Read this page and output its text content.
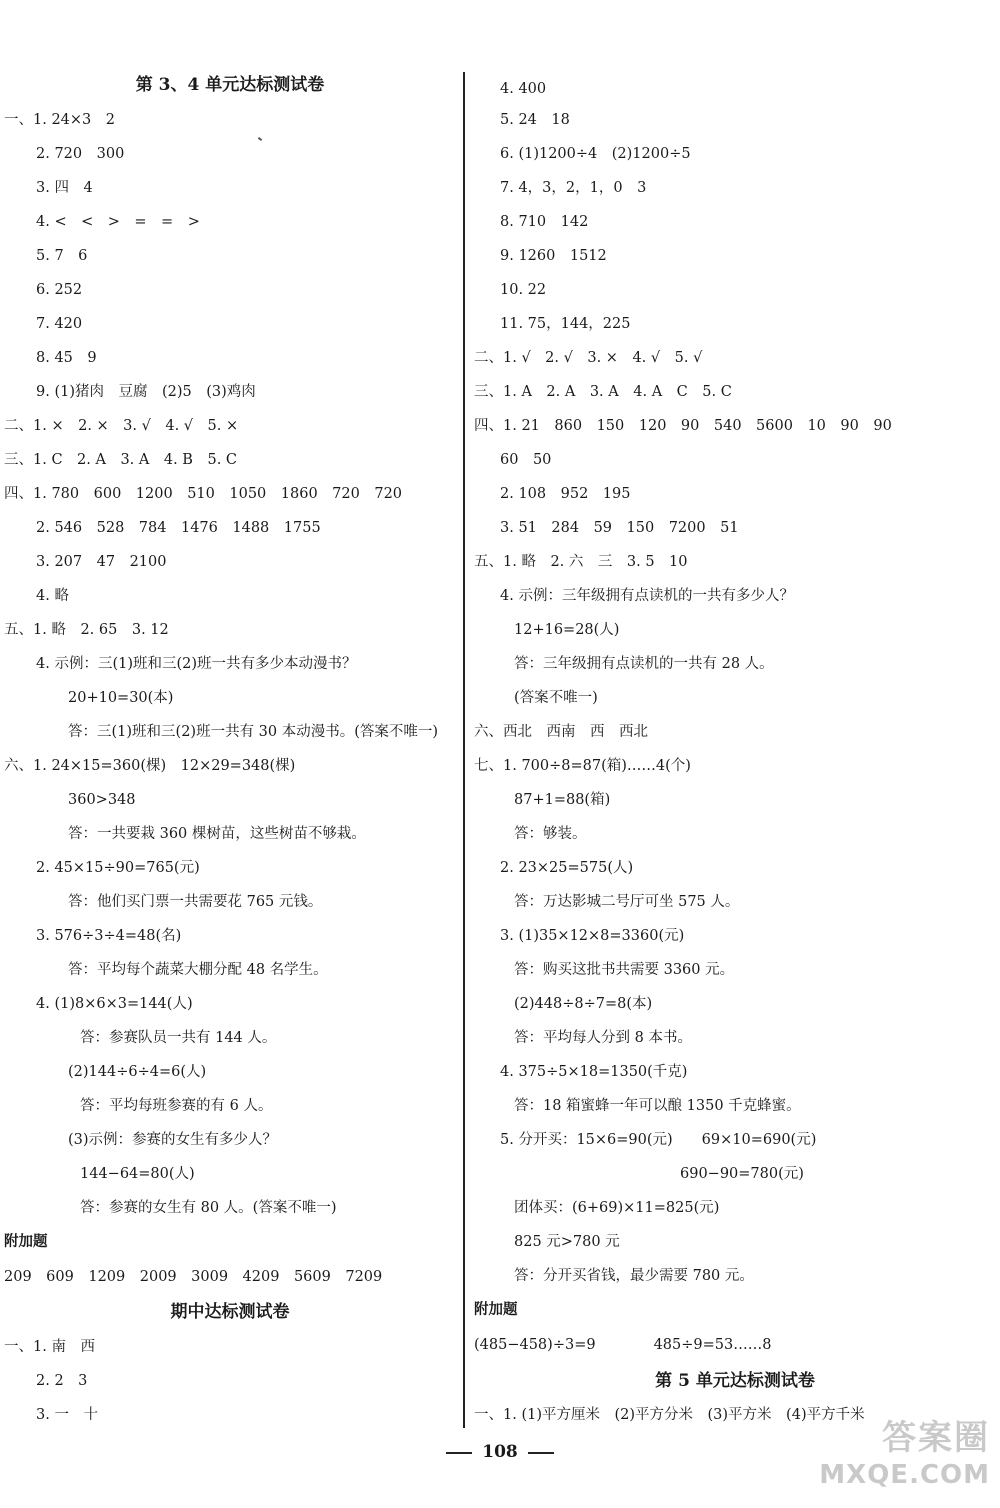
第 3、4 单元达标测试卷
一、1. 24×3　2
2. 720　300
3. 四　4
4. <　<　>　=　=　>
5. 7　6
6. 252
7. 420
8. 45　9
9. (1)猪肉　豆腐　(2)5　(3)鸡肉
二、1. ×　2. ×　3. √　4. √　5. ×
三、1. C　2. A　3. A　4. B　5. C
四、1. 780　600　1200　510　1050　1860　720　720
2. 546　528　784　1476　1488　1755
3. 207　47　2100
4. 略
五、1. 略　2. 65　3. 12
4. 示例：三(1)班和三(2)班一共有多少本动漫书？
20+10=30(本)
答：三(1)班和三(2)班一共有 30 本动漫书。(答案不唯一)
六、1. 24×15=360(棵)　12×29=348(棵)
360>348
答：一共要栽 360 棵树苗，这些树苗不够栽。
2. 45×15÷90=765(元)
答：他们买门票一共需要花 765 元钱。
3. 576÷3÷4=48(名)
答：平均每个蔬菜大棚分配 48 名学生。
4. (1)8×6×3=144(人)
答：参赛队员一共有 144 人。
(2)144÷6÷4=6(人)
答：平均每班参赛的有 6 人。
(3)示例：参赛的女生有多少人？
144−64=80(人)
答：参赛的女生有 80 人。(答案不唯一)
附加题
209　609　1209　2009　3009　4209　5609　7209
期中达标测试卷
一、1. 南　西
2. 2　3
3. 一　十
4. 400
5. 24　18
6. (1)1200÷4　(2)1200÷5
7. 4，3，2，1，0　3
8. 710　142
9. 1260　1512
10. 22
11. 75，144，225
二、1. √　2. √　3. ×　4. √　5. √
三、1. A　2. A　3. A　4. A　C　5. C
四、1. 21　860　150　120　90　540　5600　10　90　90
60　50
2. 108　952　195
3. 51　284　59　150　7200　51
五、1. 略　2. 六　三　3. 5　10
4. 示例：三年级拥有点读机的一共有多少人？
12+16=28(人)
答：三年级拥有点读机的一共有 28 人。
(答案不唯一)
六、西北　西南　西　西北
七、1. 700÷8=87(箱)……4(个)
87+1=88(箱)
答：够装。
2. 23×25=575(人)
答：万达影城二号厅可坐 575 人。
3. (1)35×12×8=3360(元)
答：购买这批书共需要 3360 元。
(2)448÷8÷7=8(本)
答：平均每人分到 8 本书。
4. 375÷5×18=1350(千克)
答：18 箱蜜蜂一年可以酿 1350 千克蜂蜜。
5. 分开买：15×6=90(元)　　69×10=690(元)
690−90=780(元)
团体买：(6+69)×11=825(元)
825 元>780 元
答：分开买省钱，最少需要 780 元。
附加题
(485−458)÷3=9　　　　485÷9=53……8
第 5 单元达标测试卷
一、1. (1)平方厘米　(2)平方分米　(3)平方米　(4)平方千米
108	答案圈
MXQE.COM
